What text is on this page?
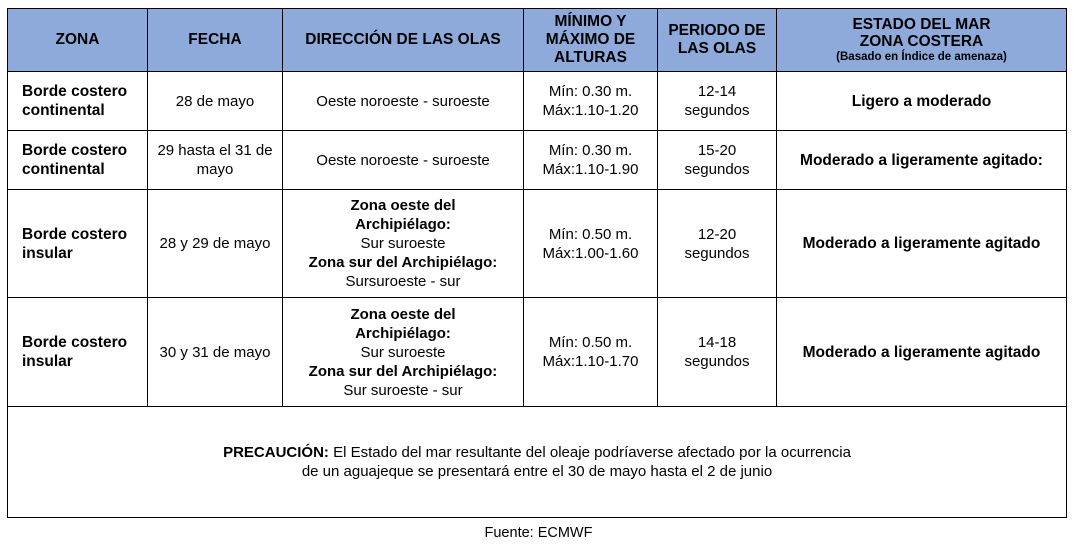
ZONA	FECHA	DIRECCIÓN DE LAS OLAS	MÍNIMO Y MÁXIMO DE ALTURAS	PERIODO DE LAS OLAS	ESTADO DEL MAR
ZONA COSTERA
(Basado en Índice de amenaza)

Borde costero continental	28 de mayo	Oeste noroeste - suroeste	Mín: 0.30 m.
Máx:1.10-1.20	12-14
segundos	Ligero a moderado
Borde costero continental	29 hasta el 31 de mayo	Oeste noroeste - suroeste	Mín: 0.30 m.
Máx:1.10-1.90	15-20
segundos	Moderado a ligeramente agitado:
Borde costero insular	28 y 29 de mayo	Zona oeste del Archipiélago:
Sur suroeste
Zona sur del Archipiélago:
Sursuroeste - sur	Mín: 0.50 m.
Máx:1.00-1.60	12-20
segundos	Moderado a ligeramente agitado
Borde costero insular	30 y 31 de mayo	Zona oeste del Archipiélago:
Sur suroeste
Zona sur del Archipiélago:
Sur suroeste - sur	Mín: 0.50 m.
Máx:1.10-1.70	14-18
segundos	Moderado a ligeramente agitado

PRECAUCIÓN: El Estado del mar resultante del oleaje podríaverse afectado por la ocurrencia
de un aguajeque se presentará entre el 30 de mayo hasta el 2 de junio					
Fuente: ECMWF
